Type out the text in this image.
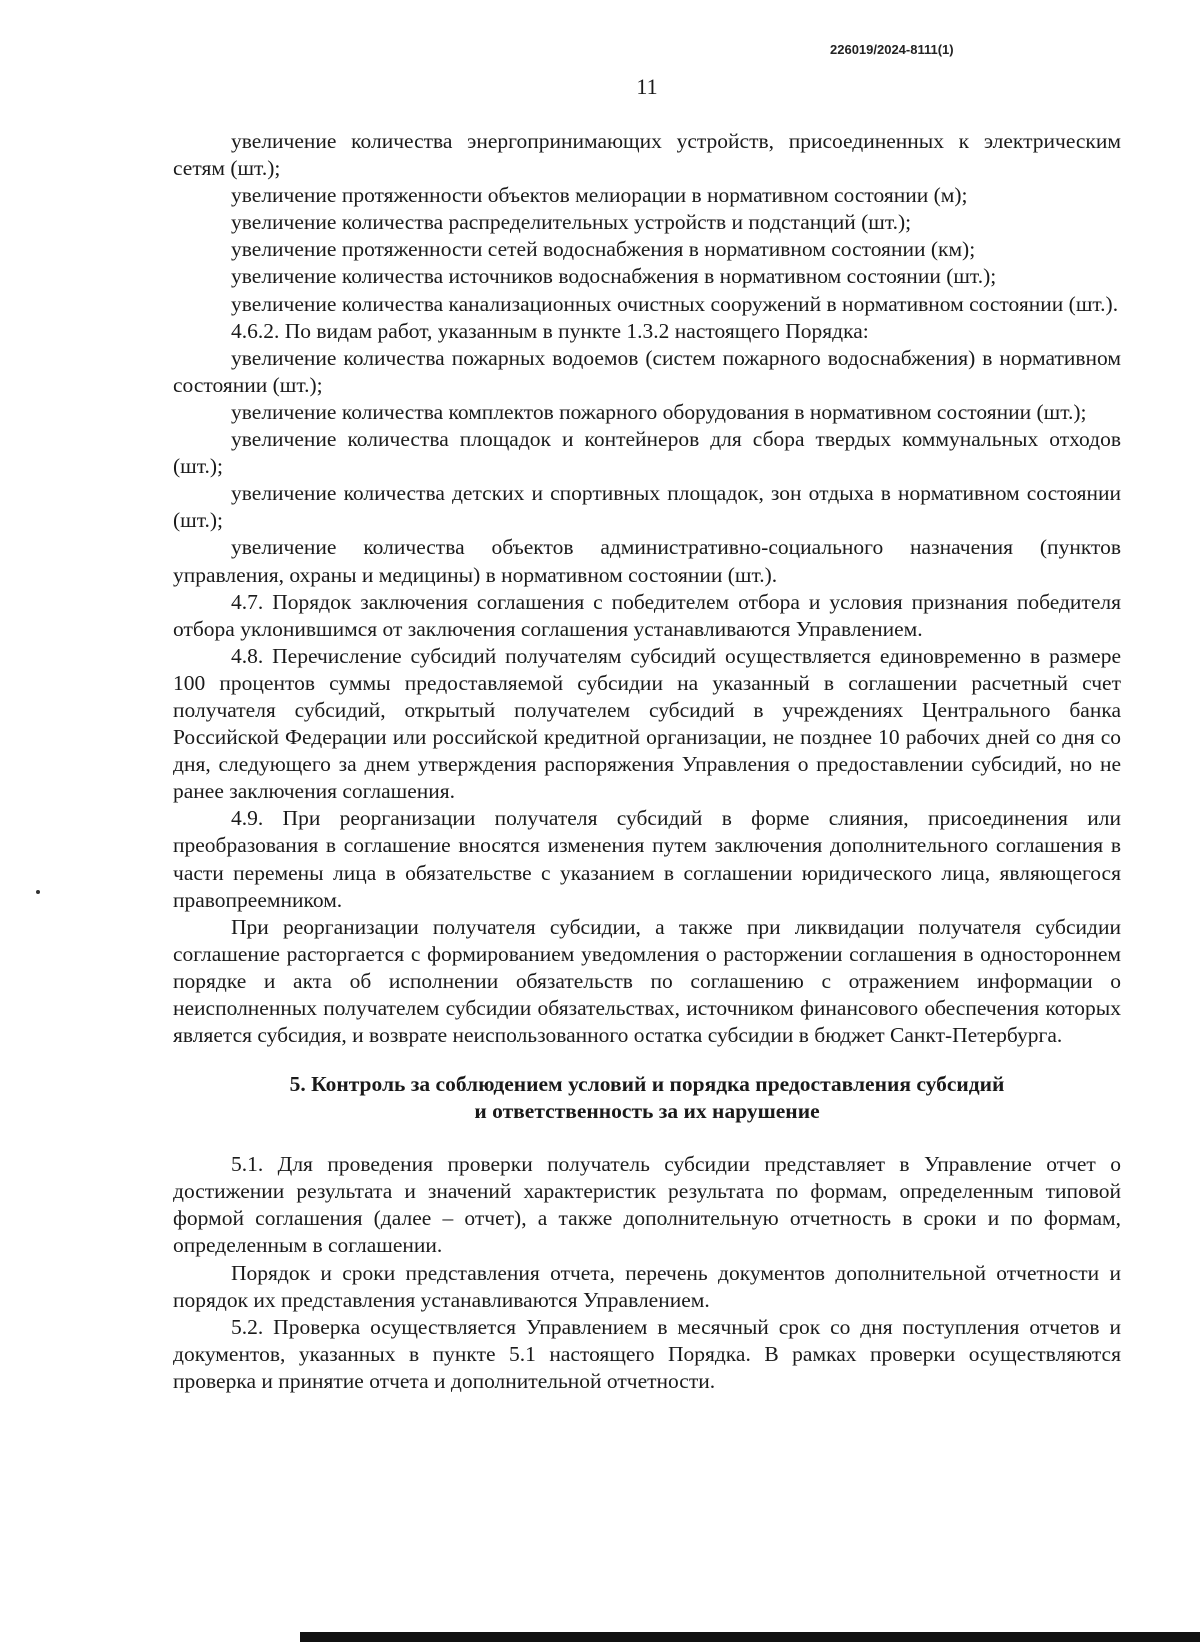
226019/2024-8111(1)
11

увеличение количества энергопринимающих устройств, присоединенных к электрическим сетям (шт.);

увеличение протяженности объектов мелиорации в нормативном состоянии (м);

увеличение количества распределительных устройств и подстанций (шт.);

увеличение протяженности сетей водоснабжения в нормативном состоянии (км);

увеличение количества источников водоснабжения в нормативном состоянии (шт.);

увеличение количества канализационных очистных сооружений в нормативном состоянии (шт.).

4.6.2. По видам работ, указанным в пункте 1.3.2 настоящего Порядка:

увеличение количества пожарных водоемов (систем пожарного водоснабжения) в нормативном состоянии (шт.);

увеличение количества комплектов пожарного оборудования в нормативном состоянии (шт.);

увеличение количества площадок и контейнеров для сбора твердых коммунальных отходов (шт.);

увеличение количества детских и спортивных площадок, зон отдыха в нормативном состоянии (шт.);

увеличение количества объектов административно-социального назначения (пунктов управления, охраны и медицины) в нормативном состоянии (шт.).

4.7. Порядок заключения соглашения с победителем отбора и условия признания победителя отбора уклонившимся от заключения соглашения устанавливаются Управлением.

4.8. Перечисление субсидий получателям субсидий осуществляется единовременно в размере 100 процентов суммы предоставляемой субсидии на указанный в соглашении расчетный счет получателя субсидий, открытый получателем субсидий в учреждениях Центрального банка Российской Федерации или российской кредитной организации, не позднее 10 рабочих дней со дня со дня, следующего за днем утверждения распоряжения Управления о предоставлении субсидий, но не ранее заключения соглашения.

4.9. При реорганизации получателя субсидий в форме слияния, присоединения или преобразования в соглашение вносятся изменения путем заключения дополнительного соглашения в части перемены лица в обязательстве с указанием в соглашении юридического лица, являющегося правопреемником.

При реорганизации получателя субсидии, а также при ликвидации получателя субсидии соглашение расторгается с формированием уведомления о расторжении соглашения в одностороннем порядке и акта об исполнении обязательств по соглашению с отражением информации о неисполненных получателем субсидии обязательствах, источником финансового обеспечения которых является субсидия, и возврате неиспользованного остатка субсидии в бюджет Санкт-Петербурга.

5. Контроль за соблюдением условий и порядка предоставления субсидий
и ответственность за их нарушение

5.1. Для проведения проверки получатель субсидии представляет в Управление отчет о достижении результата и значений характеристик результата по формам, определенным типовой формой соглашения (далее – отчет), а также дополнительную отчетность в сроки и по формам, определенным в соглашении.

Порядок и сроки представления отчета, перечень документов дополнительной отчетности и порядок их представления устанавливаются Управлением.

5.2. Проверка осуществляется Управлением в месячный срок со дня поступления отчетов и документов, указанных в пункте 5.1 настоящего Порядка. В рамках проверки осуществляются проверка и принятие отчета и дополнительной отчетности.
